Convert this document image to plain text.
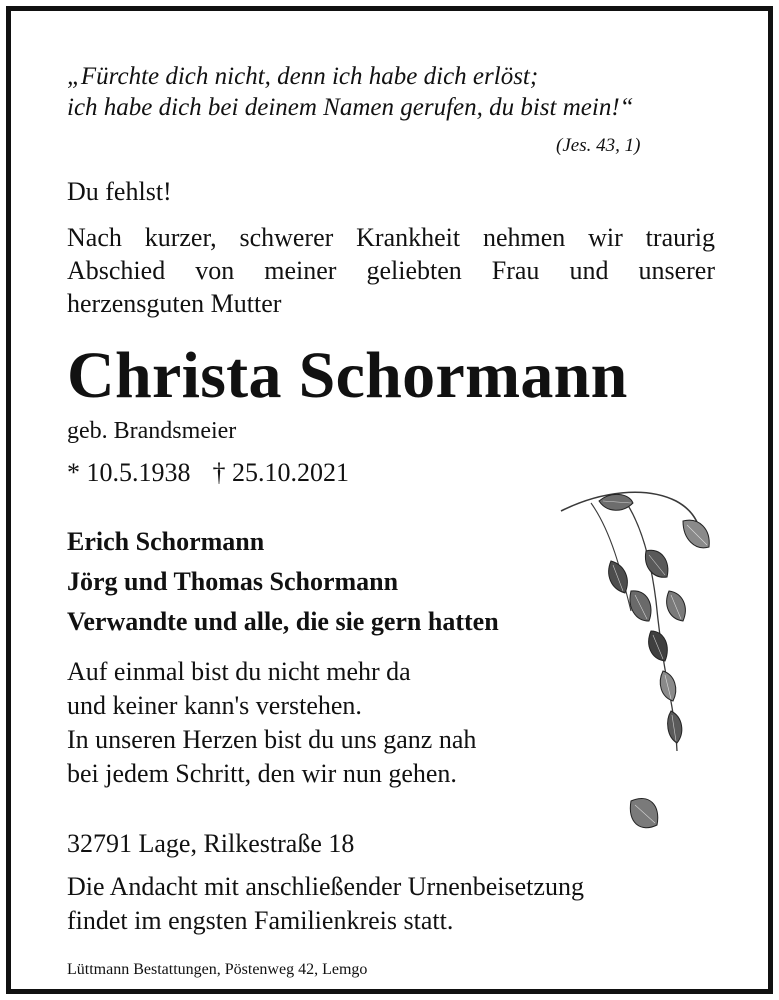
„Fürchte dich nicht, denn ich habe dich erlöst;
ich habe dich bei deinem Namen gerufen, du bist mein!“
(Jes. 43, 1)
Du fehlst!
Nach kurzer, schwerer Krankheit nehmen wir traurig Abschied von meiner geliebten Frau und unserer herzensguten Mutter
Christa Schormann
geb. Brandsmeier
* 10.5.1938 † 25.10.2021
Erich Schormann
Jörg und Thomas Schormann
Verwandte und alle, die sie gern hatten
Auf einmal bist du nicht mehr da
und keiner kann's verstehen.
In unseren Herzen bist du uns ganz nah
bei jedem Schritt, den wir nun gehen.
32791 Lage, Rilkestraße 18
Die Andacht mit anschließender Urnenbeisetzung
findet im engsten Familienkreis statt.
Lüttmann Bestattungen, Pöstenweg 42, Lemgo
